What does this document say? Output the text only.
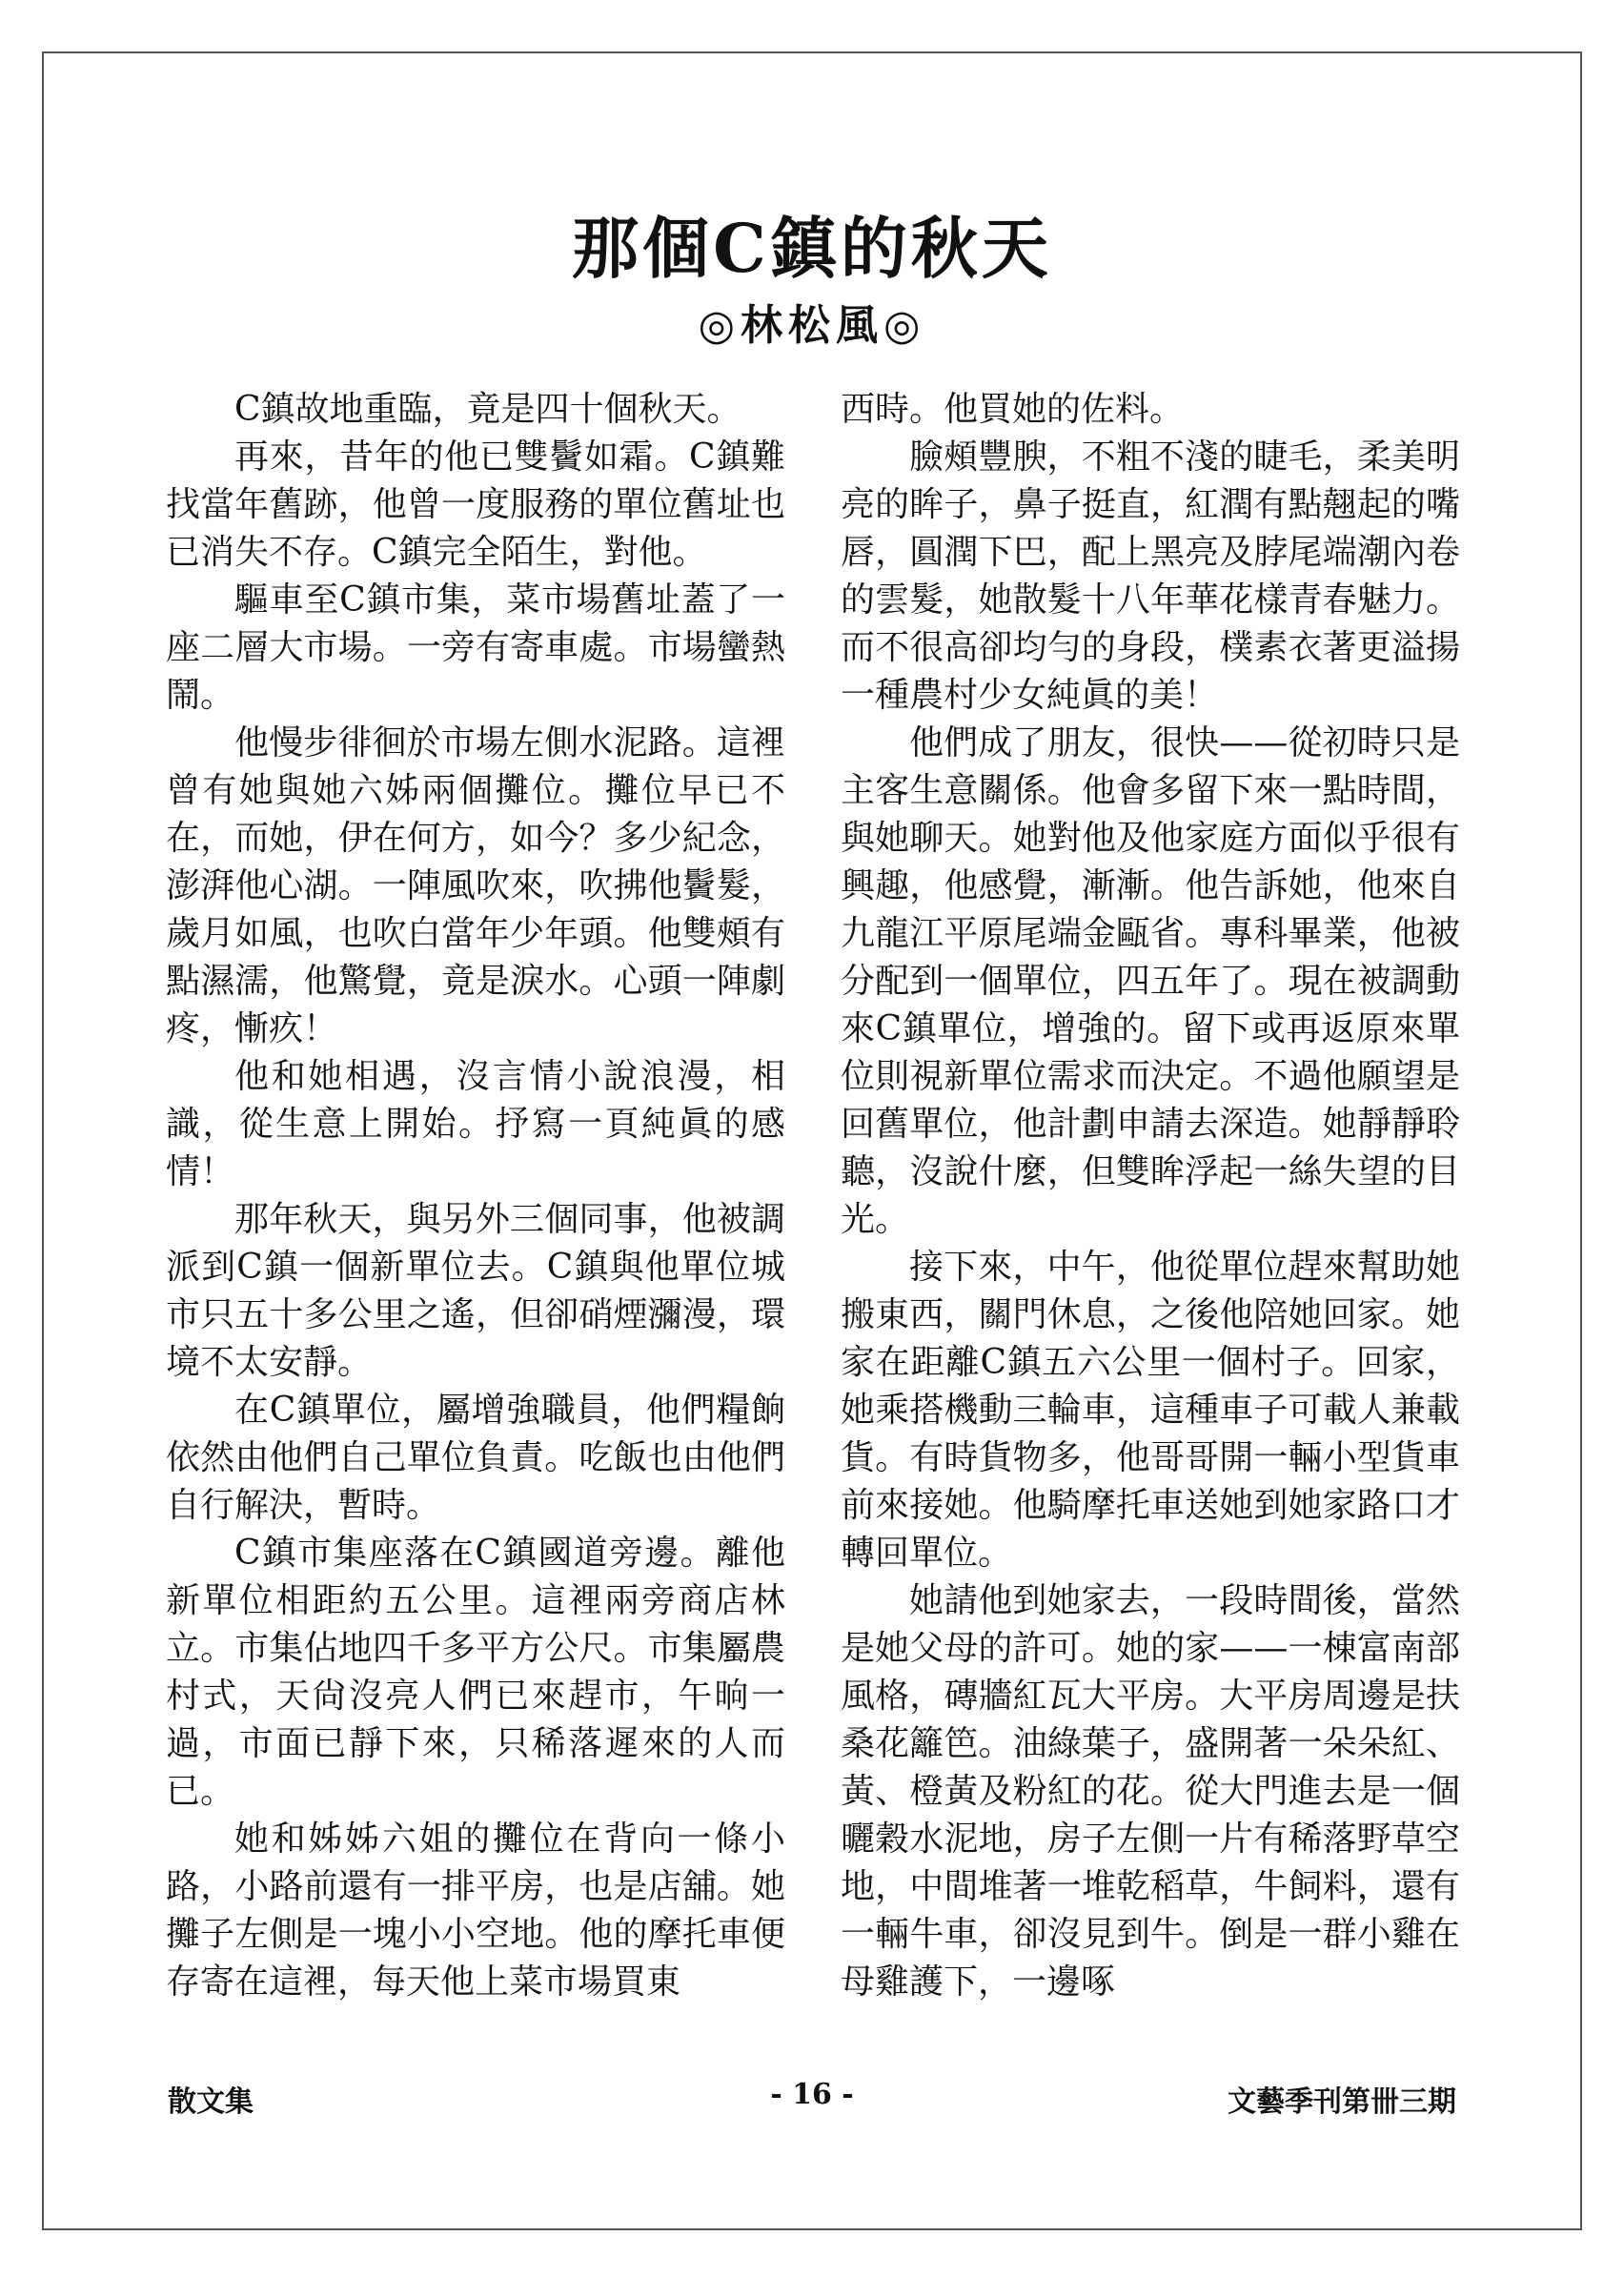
那個C鎮的秋天
◎林松風◎

C鎮故地重臨，竟是四十個秋天。

再來，昔年的他已雙鬢如霜。C鎮難找當年舊跡，他曾一度服務的單位舊址也已消失不存。C鎮完全陌生，對他。

驅車至C鎮市集，菜市場舊址蓋了一座二層大市場。一旁有寄車處。市場蠻熱鬧。

他慢步徘徊於市場左側水泥路。這裡曾有她與她六姊兩個攤位。攤位早已不在，而她，伊在何方，如今？多少紀念，澎湃他心湖。一陣風吹來，吹拂他鬢髮，歲月如風，也吹白當年少年頭。他雙頰有點濕濡，他驚覺，竟是淚水。心頭一陣劇疼，慚疚！

他和她相遇，沒言情小說浪漫，相識，從生意上開始。抒寫一頁純眞的感情！

那年秋天，與另外三個同事，他被調派到C鎮一個新單位去。C鎮與他單位城市只五十多公里之遙，但卻硝煙瀰漫，環境不太安靜。

在C鎮單位，屬增強職員，他們糧餉依然由他們自己單位負責。吃飯也由他們自行解決，暫時。

C鎮市集座落在C鎮國道旁邊。離他新單位相距約五公里。這裡兩旁商店林立。市集佔地四千多平方公尺。市集屬農村式，天尙沒亮人們已來趕市，午晌一過，市面已靜下來，只稀落遲來的人而已。

她和姊姊六姐的攤位在背向一條小路，小路前還有一排平房，也是店舖。她攤子左側是一塊小小空地。他的摩托車便存寄在這裡，每天他上菜市場買東

西時。他買她的佐料。

臉頰豐腴，不粗不淺的睫毛，柔美明亮的眸子，鼻子挺直，紅潤有點翹起的嘴唇，圓潤下巴，配上黑亮及脖尾端潮內卷的雲髮，她散髮十八年華花樣青春魅力。而不很高卻均勻的身段，樸素衣著更溢揚一種農村少女純眞的美！

他們成了朋友，很快——從初時只是主客生意關係。他會多留下來一點時間，與她聊天。她對他及他家庭方面似乎很有興趣，他感覺，漸漸。他告訴她，他來自九龍江平原尾端金甌省。專科畢業，他被分配到一個單位，四五年了。現在被調動來C鎮單位，增強的。留下或再返原來單位則視新單位需求而決定。不過他願望是回舊單位，他計劃申請去深造。她靜靜聆聽，沒說什麼，但雙眸浮起一絲失望的目光。

接下來，中午，他從單位趕來幫助她搬東西，關門休息，之後他陪她回家。她家在距離C鎮五六公里一個村子。回家，她乘搭機動三輪車，這種車子可載人兼載貨。有時貨物多，他哥哥開一輛小型貨車前來接她。他騎摩托車送她到她家路口才轉回單位。

她請他到她家去，一段時間後，當然是她父母的許可。她的家——一棟富南部風格，磚牆紅瓦大平房。大平房周邊是扶桑花籬笆。油綠葉子，盛開著一朵朵紅、黃、橙黃及粉紅的花。從大門進去是一個曬穀水泥地，房子左側一片有稀落野草空地，中間堆著一堆乾稻草，牛飼料，還有一輛牛車，卻沒見到牛。倒是一群小雞在母雞護下，一邊啄

散文集	- 16 -	文藝季刊第卌三期
